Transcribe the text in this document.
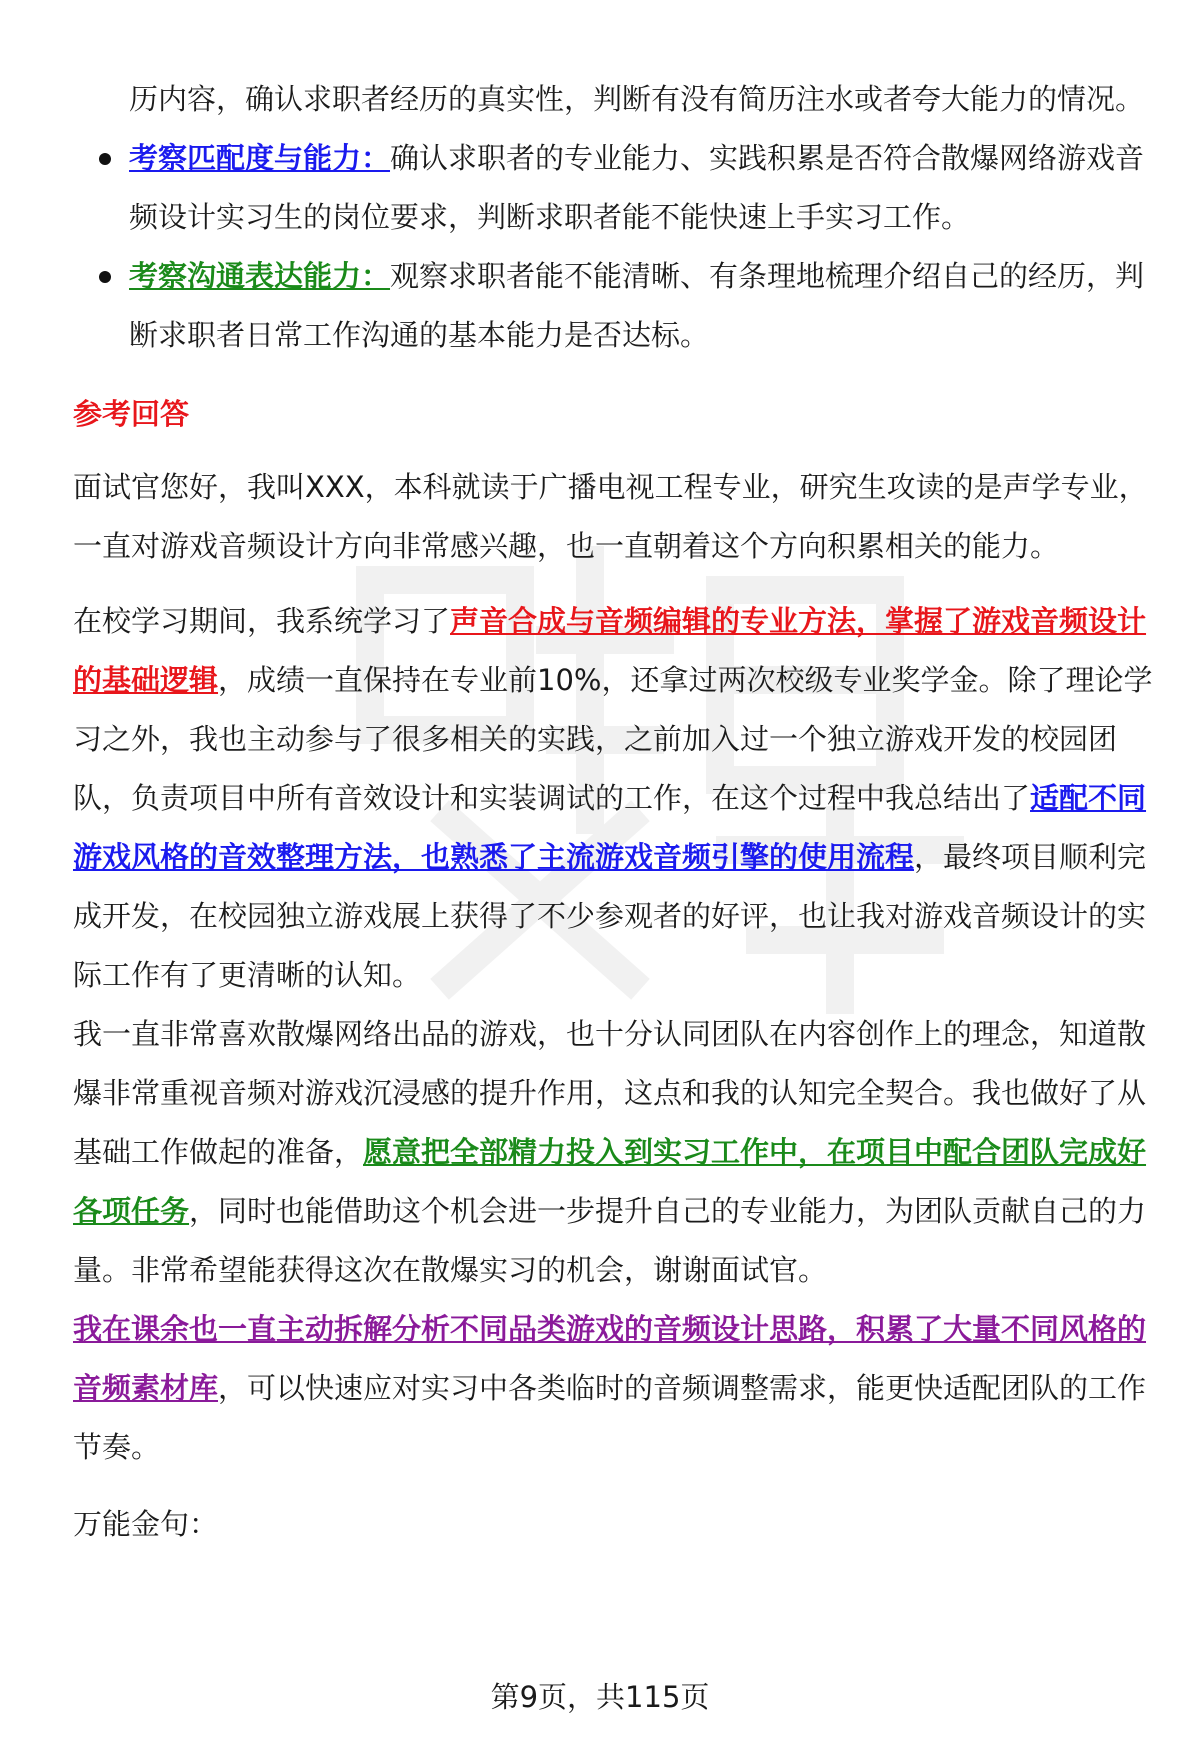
历内容，确认求职者经历的真实性，判断有没有简历注水或者夸大能力的情况。
考察匹配度与能力：确认求职者的专业能力、实践积累是否符合散爆网络游戏音频设计实习生的岗位要求，判断求职者能不能快速上手实习工作。
考察沟通表达能力：观察求职者能不能清晰、有条理地梳理介绍自己的经历，判断求职者日常工作沟通的基本能力是否达标。
参考回答

面试官您好，我叫XXX，本科就读于广播电视工程专业，研究生攻读的是声学专业，一直对游戏音频设计方向非常感兴趣，也一直朝着这个方向积累相关的能力。

在校学习期间，我系统学习了声音合成与音频编辑的专业方法，掌握了游戏音频设计的基础逻辑，成绩一直保持在专业前10%，还拿过两次校级专业奖学金。除了理论学习之外，我也主动参与了很多相关的实践，之前加入过一个独立游戏开发的校园团队，负责项目中所有音效设计和实装调试的工作，在这个过程中我总结出了适配不同游戏风格的音效整理方法，也熟悉了主流游戏音频引擎的使用流程，最终项目顺利完成开发，在校园独立游戏展上获得了不少参观者的好评，也让我对游戏音频设计的实际工作有了更清晰的认知。

我一直非常喜欢散爆网络出品的游戏，也十分认同团队在内容创作上的理念，知道散爆非常重视音频对游戏沉浸感的提升作用，这点和我的认知完全契合。我也做好了从基础工作做起的准备，愿意把全部精力投入到实习工作中，在项目中配合团队完成好各项任务，同时也能借助这个机会进一步提升自己的专业能力，为团队贡献自己的力量。非常希望能获得这次在散爆实习的机会，谢谢面试官。

我在课余也一直主动拆解分析不同品类游戏的音频设计思路，积累了大量不同风格的音频素材库，可以快速应对实习中各类临时的音频调整需求，能更快适配团队的工作节奏。

万能金句：

第9页，共115页
